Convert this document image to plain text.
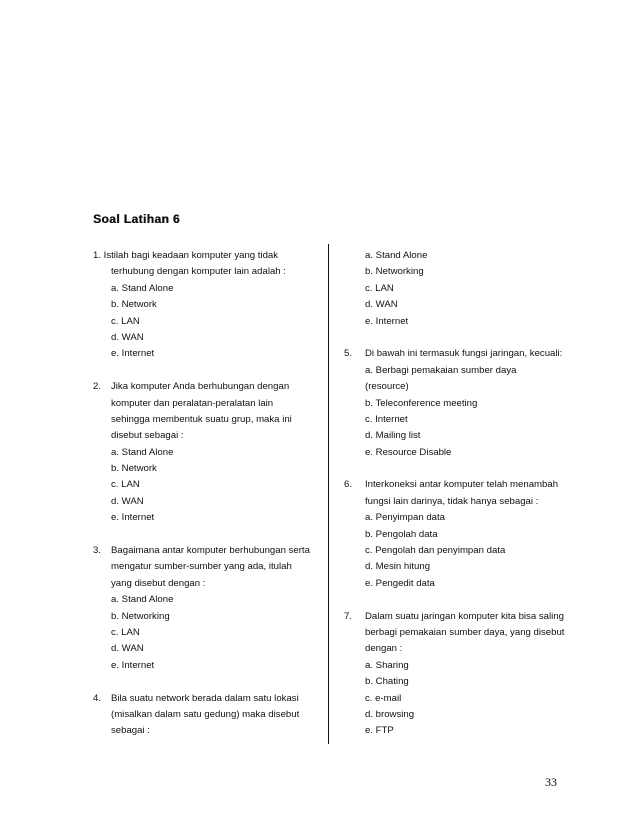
Soal Latihan 6
1. Istilah bagi keadaan komputer yang tidak
terhubung dengan komputer lain adalah :
a. Stand Alone
b. Network
c. LAN
d. WAN
e. Internet
2. Jika komputer Anda berhubungan dengan
komputer dan peralatan-peralatan lain
sehingga membentuk suatu grup, maka ini
disebut sebagai :
a. Stand Alone
b. Network
c. LAN
d. WAN
e. Internet
3. Bagaimana antar komputer berhubungan serta
mengatur sumber-sumber yang ada, itulah
yang disebut dengan :
a. Stand Alone
b. Networking
c. LAN
d. WAN
e. Internet
4. Bila suatu network berada dalam satu lokasi
(misalkan dalam satu gedung) maka disebut
sebagai :
a. Stand Alone
b. Networking
c. LAN
d. WAN
e. Internet
5. Di bawah ini termasuk fungsi jaringan, kecuali:
a. Berbagi pemakaian sumber daya
(resource)
b. Teleconference meeting
c. Internet
d. Mailing list
e. Resource Disable
6. Interkoneksi antar komputer telah menambah
fungsi lain darinya, tidak hanya sebagai :
a. Penyimpan data
b. Pengolah data
c. Pengolah dan penyimpan data
d. Mesin hitung
e. Pengedit data
7. Dalam suatu jaringan komputer kita bisa saling
berbagi pemakaian sumber daya, yang disebut
dengan :
a. Sharing
b. Chating
c. e-mail
d. browsing
e. FTP

33
